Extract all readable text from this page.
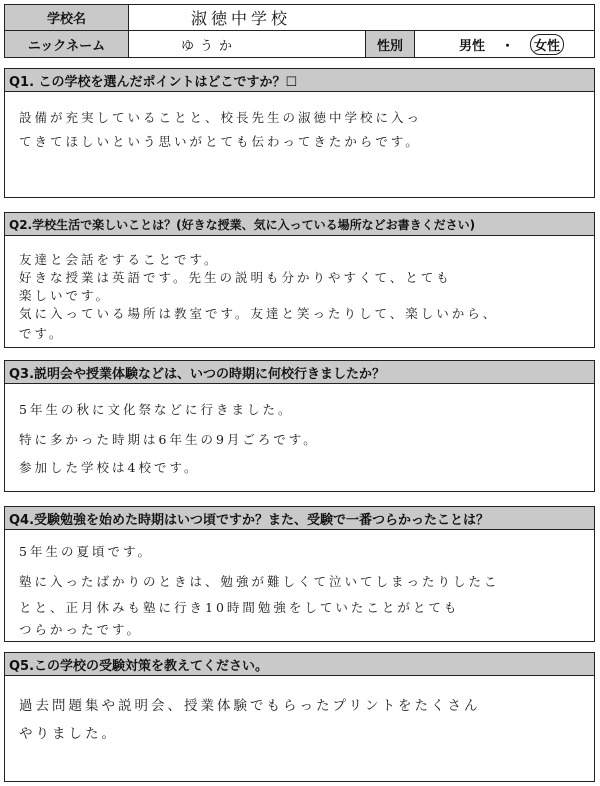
学校名	淑徳中学校
ニックネーム	ゆうか	性別	男性 ・	女性
Q1. この学校を選んだポイントはどこですか？☐
設備が充実していることと、校長先生の淑徳中学校に入っ
てきてほしいという思いがとても伝わってきたからです。
Q2.学校生活で楽しいことは？(好きな授業、気に入っている場所などお書きください)
友達と会話をすることです。
好きな授業は英語です。先生の説明も分かりやすくて、とても
楽しいです。
気に入っている場所は教室です。友達と笑ったりして、楽しいから、
です。
Q3.説明会や授業体験などは、いつの時期に何校行きましたか？
5年生の秋に文化祭などに行きました。
特に多かった時期は6年生の9月ごろです。
参加した学校は4校です。
Q4.受験勉強を始めた時期はいつ頃ですか？また、受験で一番つらかったことは？
5年生の夏頃です。
塾に入ったばかりのときは、勉強が難しくて泣いてしまったりしたこ
とと、正月休みも塾に行き10時間勉強をしていたことがとても
つらかったです。
Q5.この学校の受験対策を教えてください。
過去問題集や説明会、授業体験でもらったプリントをたくさん
やりました。
